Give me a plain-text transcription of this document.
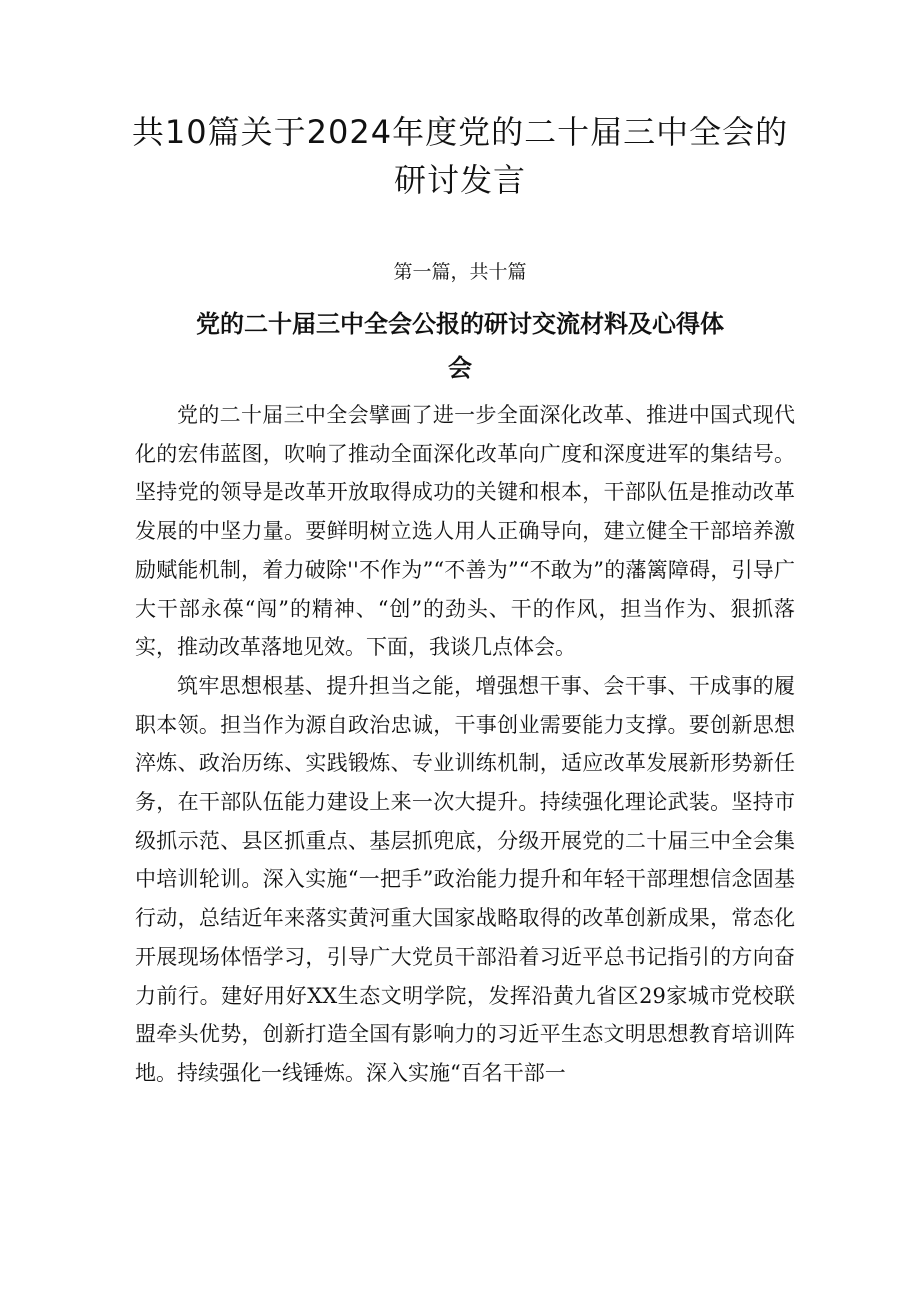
共10篇关于2024年度党的二十届三中全会的研讨发言
第一篇，共十篇
党的二十届三中全会公报的研讨交流材料及心得体会

党的二十届三中全会擘画了进一步全面深化改革、推进中国式现代化的宏伟蓝图，吹响了推动全面深化改革向广度和深度进军的集结号。坚持党的领导是改革开放取得成功的关键和根本，干部队伍是推动改革发展的中坚力量。要鲜明树立选人用人正确导向，建立健全干部培养激励赋能机制，着力破除''不作为”“不善为”“不敢为”的藩篱障碍，引导广大干部永葆“闯”的精神、“创”的劲头、干的作风，担当作为、狠抓落实，推动改革落地见效。下面，我谈几点体会。

筑牢思想根基、提升担当之能，增强想干事、会干事、干成事的履职本领。担当作为源自政治忠诚，干事创业需要能力支撑。要创新思想淬炼、政治历练、实践锻炼、专业训练机制，适应改革发展新形势新任务，在干部队伍能力建设上来一次大提升。持续强化理论武装。坚持市级抓示范、县区抓重点、基层抓兜底，分级开展党的二十届三中全会集中培训轮训。深入实施“一把手”政治能力提升和年轻干部理想信念固基行动，总结近年来落实黄河重大国家战略取得的改革创新成果，常态化开展现场体悟学习，引导广大党员干部沿着习近平总书记指引的方向奋力前行。建好用好XX生态文明学院，发挥沿黄九省区29家城市党校联盟牵头优势，创新打造全国有影响力的习近平生态文明思想教育培训阵地。持续强化一线锤炼。深入实施“百名干部一
